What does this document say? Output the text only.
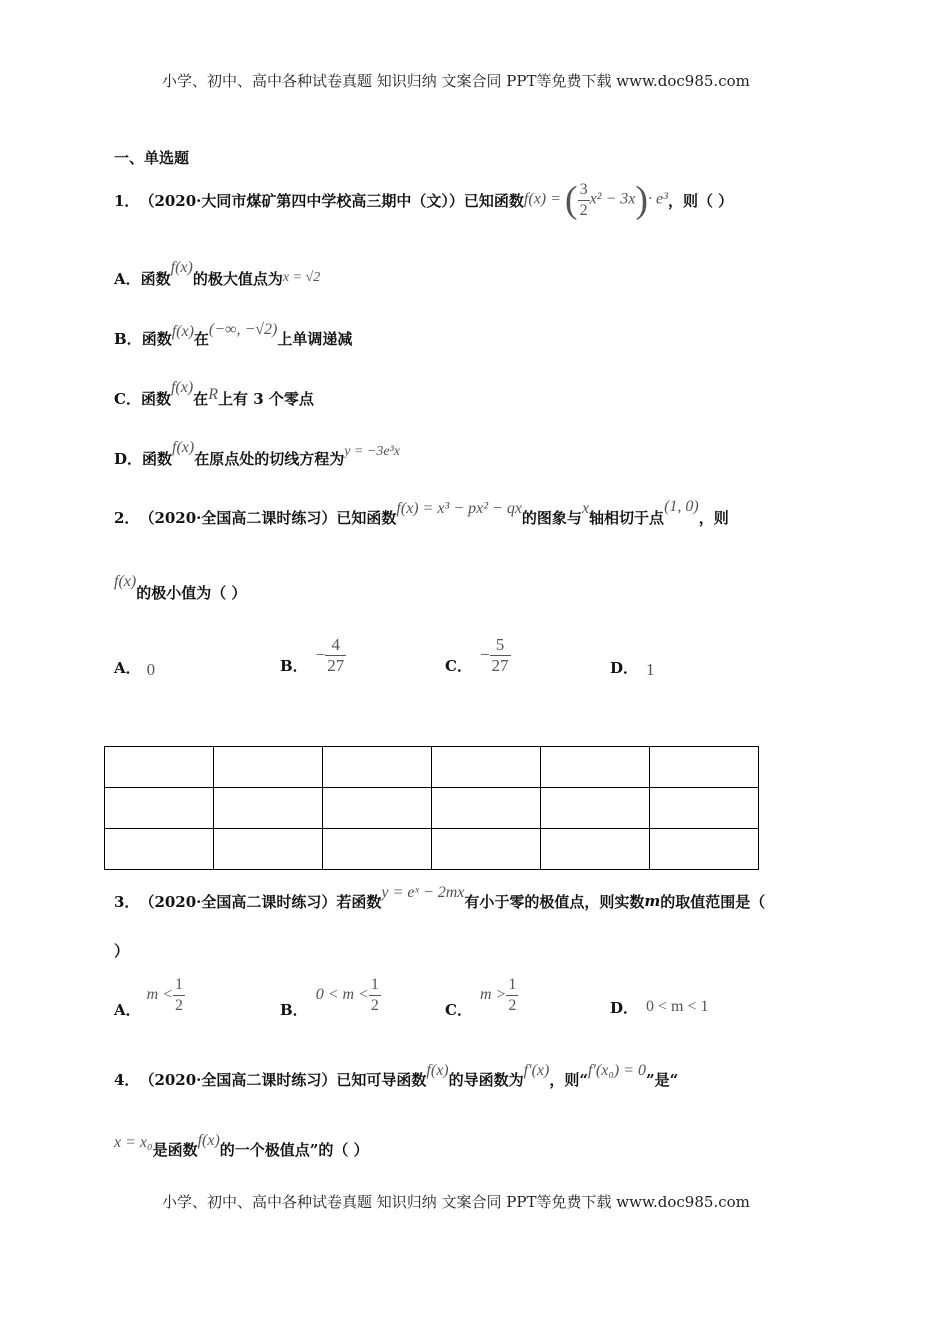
小学、初中、高中各种试卷真题 知识归纳 文案合同 PPT等免费下载 www.doc985.com
一、单选题
1． （2020·大同市煤矿第四中学校高三期中（文））已知函数 f(x) = ( $\frac{3}{2} x^2 - 3x)\cdot e^3$ ，则（ ）
A． 函数
f(x)
的极大值点为 x = √2
B． 函数 f(x) 在 (−∞, −√2) 上单调递减
C． 函数
f(x)
在 R 上有 3 个零点
D． 函数
f(x)
在原点处的切线方程为 y = −3e³x
2． （2020·全国高二课时练习）已知函数 f(x) = x³ − px² − qx 的图象与 x 轴相切于点
(1, 0)
，则
f(x)
的极小值为（ ）
A． 0	B．
− $\frac{4}{27}$	C．
− $\frac{5}{27}$	D． 1

3． （2020·全国高二课时练习）若函数 y = eˣ − 2mx 有小于零的极值点，则实数 m 的取值范围是（
）
A．
$m < \frac{1}{2}$	B．
$0 < m < \frac{1}{2}$	C．
$m > \frac{1}{2}$	D． 0 < m < 1
4． （2020·全国高二课时练习）已知可导函数 f(x) 的导函数为 f′(x) ，则“ f′(x₀) = 0 ”是“
x = x₀ 是函数 f(x) 的一个极值点”的（ ）
小学、初中、高中各种试卷真题 知识归纳 文案合同 PPT等免费下载 www.doc985.com
